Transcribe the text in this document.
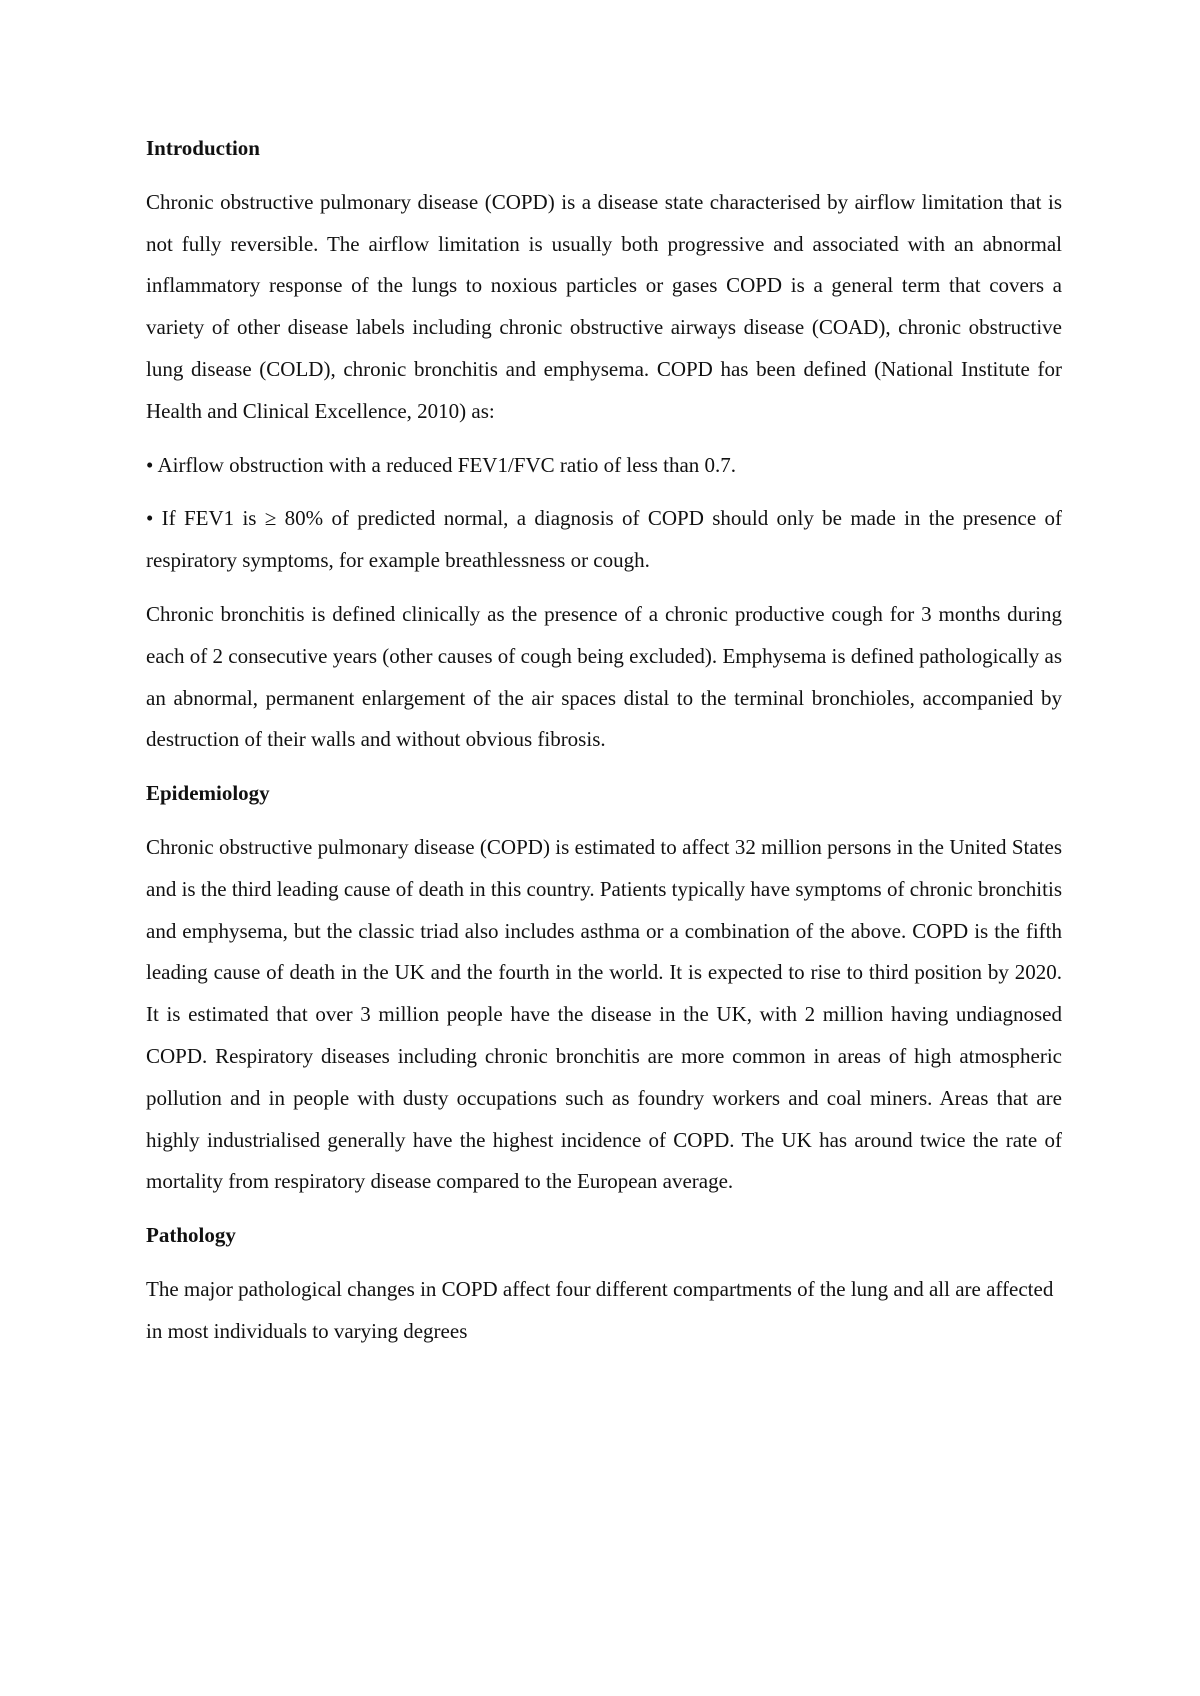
Introduction

Chronic obstructive pulmonary disease (COPD) is a disease state characterised by airflow limitation that is not fully reversible. The airflow limitation is usually both progressive and associated with an abnormal inflammatory response of the lungs to noxious particles or gases COPD is a general term that covers a variety of other disease labels including chronic obstructive airways disease (COAD), chronic obstructive lung disease (COLD), chronic bronchitis and emphysema. COPD has been defined (National Institute for Health and Clinical Excellence, 2010) as:

• Airflow obstruction with a reduced FEV1/FVC ratio of less than 0.7.

• If FEV1 is ≥ 80% of predicted normal, a diagnosis of COPD should only be made in the presence of respiratory symptoms, for example breathlessness or cough.

Chronic bronchitis is defined clinically as the presence of a chronic productive cough for 3 months during each of 2 consecutive years (other causes of cough being excluded). Emphysema is defined pathologically as an abnormal, permanent enlargement of the air spaces distal to the terminal bronchioles, accompanied by destruction of their walls and without obvious fibrosis.

Epidemiology

Chronic obstructive pulmonary disease (COPD) is estimated to affect 32 million persons in the United States and is the third leading cause of death in this country. Patients typically have symptoms of chronic bronchitis and emphysema, but the classic triad also includes asthma or a combination of the above. COPD is the fifth leading cause of death in the UK and the fourth in the world. It is expected to rise to third position by 2020. It is estimated that over 3 million people have the disease in the UK, with 2 million having undiagnosed COPD. Respiratory diseases including chronic bronchitis are more common in areas of high atmospheric pollution and in people with dusty occupations such as foundry workers and coal miners. Areas that are highly industrialised generally have the highest incidence of COPD. The UK has around twice the rate of mortality from respiratory disease compared to the European average.

Pathology

The major pathological changes in COPD affect four different compartments of the lung and all are affected in most individuals to varying degrees
